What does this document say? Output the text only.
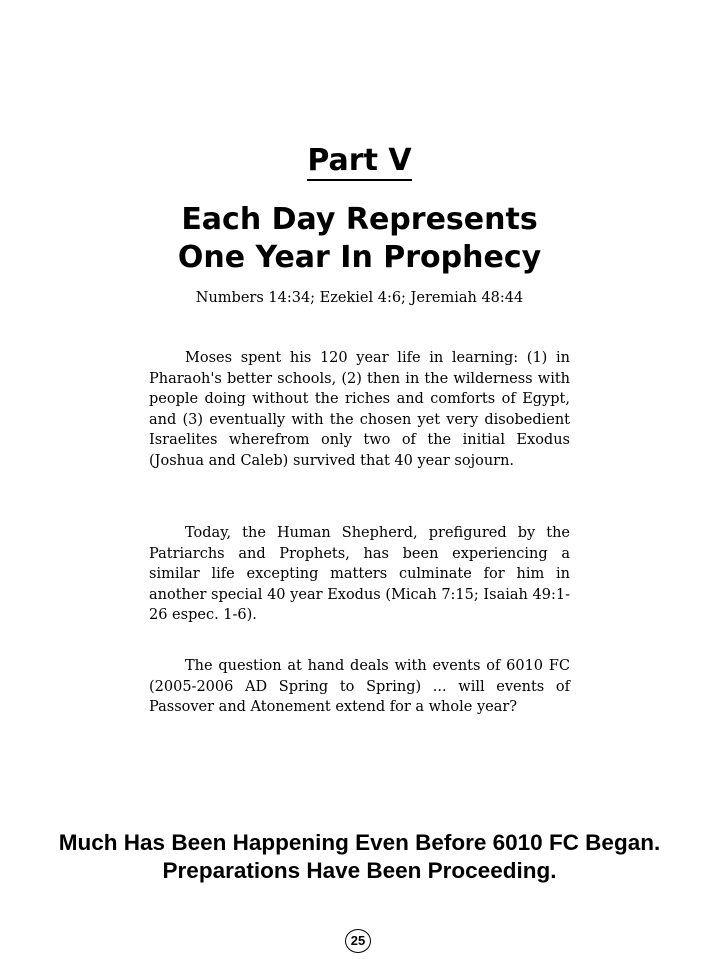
Part V
Each Day Represents
One Year In Prophecy
Numbers 14:34; Ezekiel 4:6; Jeremiah 48:44

Moses spent his 120 year life in learning: (1) in Pharaoh's better schools, (2) then in the wilderness with people doing without the riches and comforts of Egypt, and (3) eventually with the chosen yet very disobedient Israelites wherefrom only two of the initial Exodus (Joshua and Caleb) survived that 40 year sojourn.

Today, the Human Shepherd, prefigured by the Patriarchs and Prophets, has been experiencing a similar life excepting matters culminate for him in another special 40 year Exodus (Micah 7:15; Isaiah 49:1-26 espec. 1-6).

The question at hand deals with events of 6010 FC (2005-2006 AD Spring to Spring) ... will events of Passover and Atonement extend for a whole year?

Much Has Been Happening Even Before 6010 FC Began.
Preparations Have Been Proceeding.
25
